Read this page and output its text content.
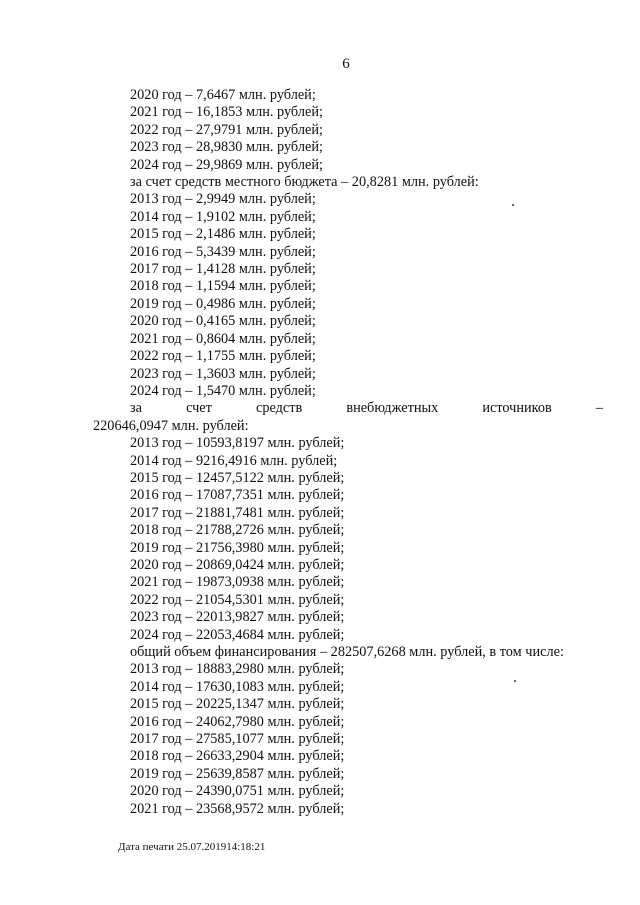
6
2020 год – 7,6467 млн. рублей;
2021 год – 16,1853 млн. рублей;
2022 год – 27,9791 млн. рублей;
2023 год – 28,9830 млн. рублей;
2024 год – 29,9869 млн. рублей;
за счет средств местного бюджета – 20,8281 млн. рублей:
2013 год – 2,9949 млн. рублей;
2014 год – 1,9102 млн. рублей;
2015 год – 2,1486 млн. рублей;
2016 год – 5,3439 млн. рублей;
2017 год – 1,4128 млн. рублей;
2018 год – 1,1594 млн. рублей;
2019 год – 0,4986 млн. рублей;
2020 год – 0,4165 млн. рублей;
2021 год – 0,8604 млн. рублей;
2022 год – 1,1755 млн. рублей;
2023 год – 1,3603 млн. рублей;
2024 год – 1,5470 млн. рублей;
за	счет	средств	внебюджетных	источников	–
220646,0947 млн. рублей:
2013 год – 10593,8197 млн. рублей;
2014 год – 9216,4916 млн. рублей;
2015 год – 12457,5122 млн. рублей;
2016 год – 17087,7351 млн. рублей;
2017 год – 21881,7481 млн. рублей;
2018 год – 21788,2726 млн. рублей;
2019 год – 21756,3980 млн. рублей;
2020 год – 20869,0424 млн. рублей;
2021 год – 19873,0938 млн. рублей;
2022 год – 21054,5301 млн. рублей;
2023 год – 22013,9827 млн. рублей;
2024 год – 22053,4684 млн. рублей;
общий объем финансирования – 282507,6268 млн. рублей, в том числе:
2013 год – 18883,2980 млн. рублей;
2014 год – 17630,1083 млн. рублей;
2015 год – 20225,1347 млн. рублей;
2016 год – 24062,7980 млн. рублей;
2017 год – 27585,1077 млн. рублей;
2018 год – 26633,2904 млн. рублей;
2019 год – 25639,8587 млн. рублей;
2020 год – 24390,0751 млн. рублей;
2021 год – 23568,9572 млн. рублей;
Дата печати 25.07.201914:18:21
